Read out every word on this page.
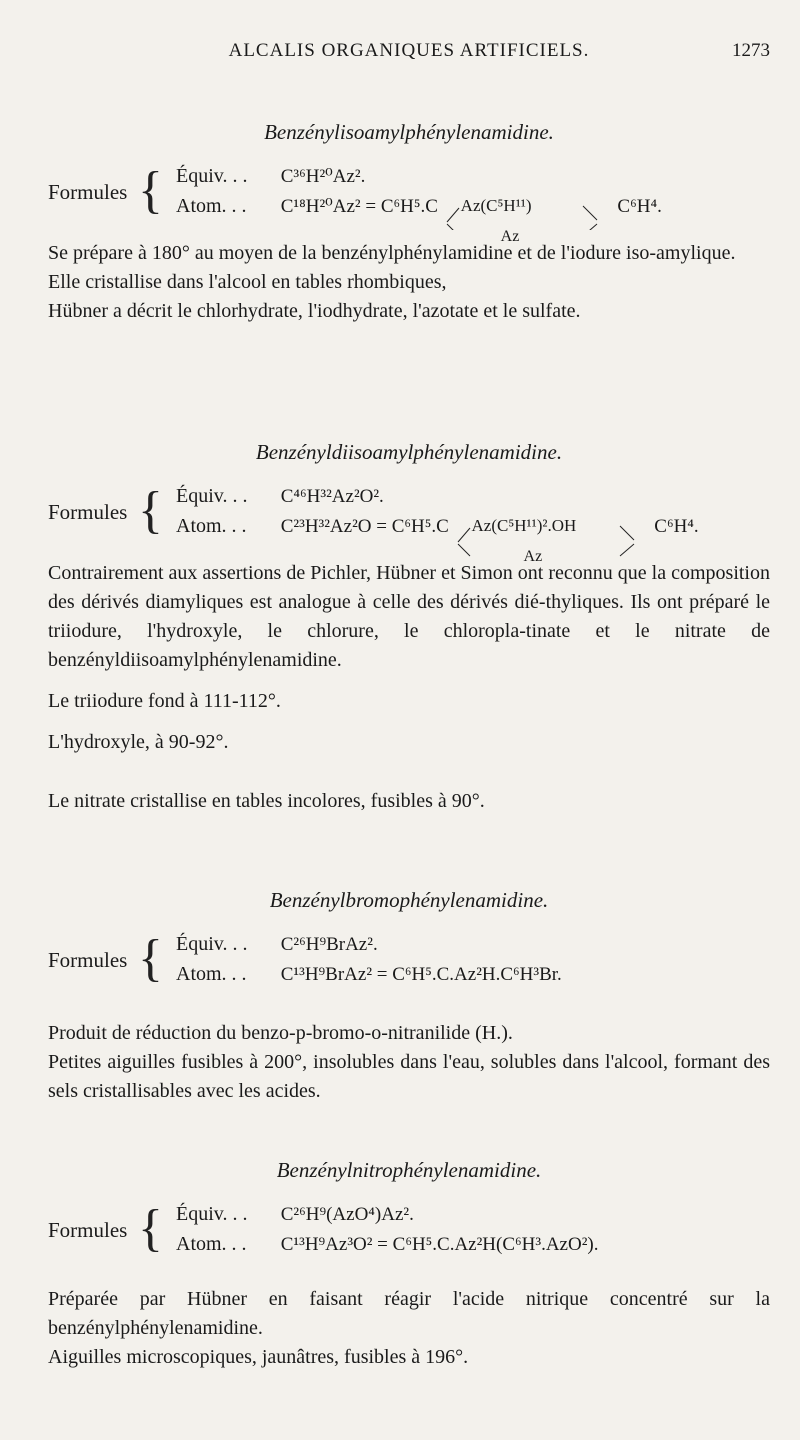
ALCALIS ORGANIQUES ARTIFICIELS.	1273

Benzénylisoamylphénylenamidine.

Formules { Équiv. . . C³⁶H²⁰Az².
Atom. . . C¹⁸H²⁰Az² = C⁶H⁵.C Az(C⁵H¹¹)
Az
C⁶H⁴.

Se prépare à 180° au moyen de la benzénylphénylamidine et de l'iodure iso-amylique.

Elle cristallise dans l'alcool en tables rhombiques,

Hübner a décrit le chlorhydrate, l'iodhydrate, l'azotate et le sulfate.

Benzényldiisoamylphénylenamidine.

Formules { Équiv. . . C⁴⁶H³²Az²O².
Atom. . . C²³H³²Az²O = C⁶H⁵.C Az(C⁵H¹¹)².OH
Az
C⁶H⁴.

Contrairement aux assertions de Pichler, Hübner et Simon ont reconnu que la composition des dérivés diamyliques est analogue à celle des dérivés dié-thyliques. Ils ont préparé le triiodure, l'hydroxyle, le chlorure, le chloropla-tinate et le nitrate de benzényldiisoamylphénylenamidine.

Le triiodure fond à 111-112°.

L'hydroxyle, à 90-92°.

Le nitrate cristallise en tables incolores, fusibles à 90°.

Benzénylbromophénylenamidine.

Formules { Équiv. . . C²⁶H⁹BrAz².
Atom. . . C¹³H⁹BrAz² = C⁶H⁵.C.Az²H.C⁶H³Br.

Produit de réduction du benzo-p-bromo-o-nitranilide (H.).

Petites aiguilles fusibles à 200°, insolubles dans l'eau, solubles dans l'alcool, formant des sels cristallisables avec les acides.

Benzénylnitrophénylenamidine.

Formules { Équiv. . . C²⁶H⁹(AzO⁴)Az².
Atom. . . C¹³H⁹Az³O² = C⁶H⁵.C.Az²H(C⁶H³.AzO²).

Préparée par Hübner en faisant réagir l'acide nitrique concentré sur la benzénylphénylenamidine.

Aiguilles microscopiques, jaunâtres, fusibles à 196°.
